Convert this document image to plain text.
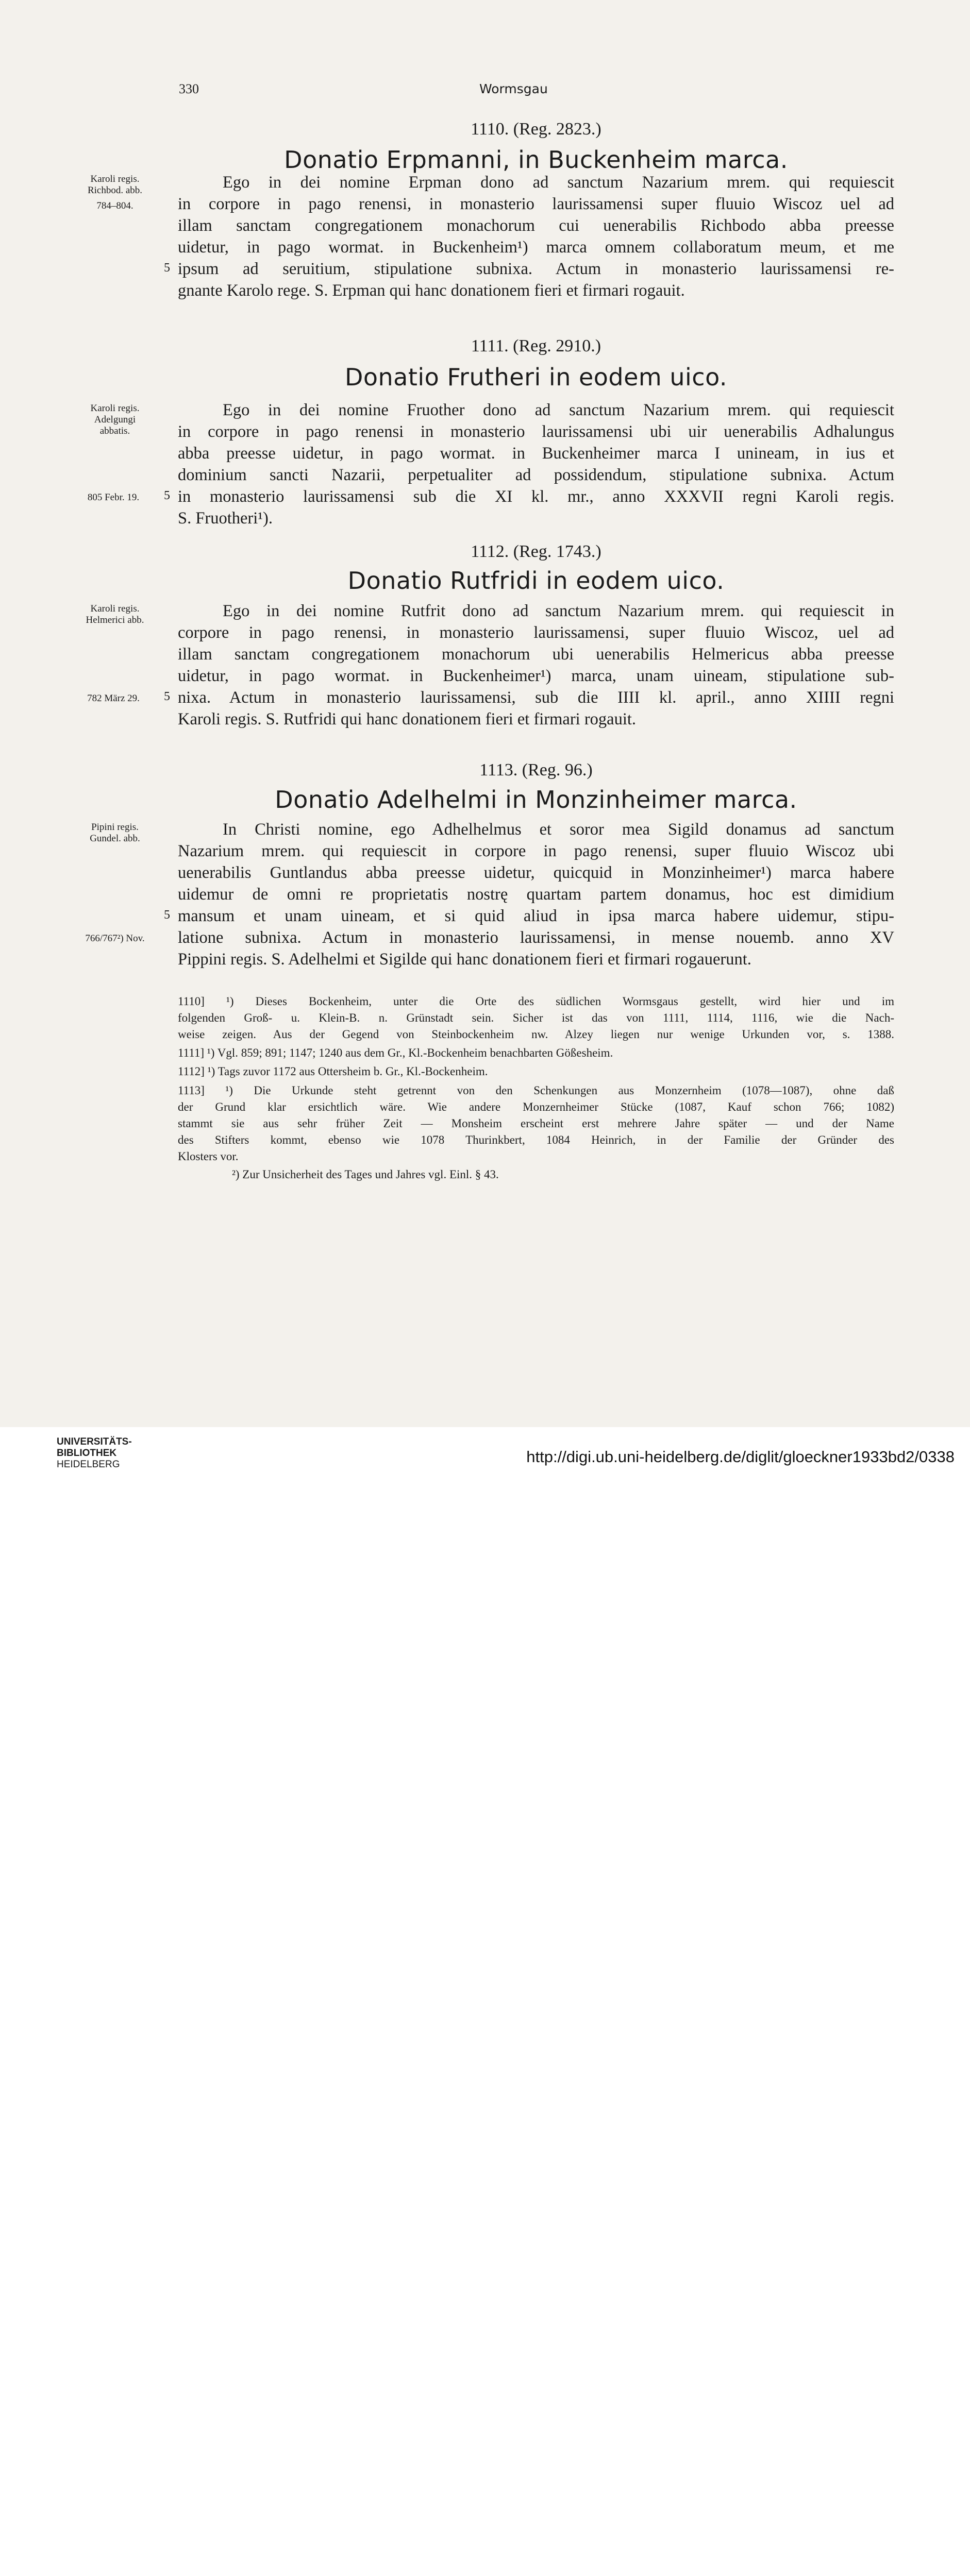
330	Wormsgau
1110. (Reg. 2823.)
Donatio Erpmanni, in Buckenheim marca.
Karoli regis.
Richbod. abb.
784–804.
Ego in dei nomine Erpman dono ad sanctum Nazarium mrem. qui requiescit
in corpore in pago renensi, in monasterio laurissamensi super fluuio Wiscoz uel ad
illam sanctam congregationem monachorum cui uenerabilis Richbodo abba preesse
uidetur, in pago wormat. in Buckenheim¹) marca omnem collaboratum meum, et me
5 ipsum ad seruitium, stipulatione subnixa. Actum in monasterio laurissamensi re-
gnante Karolo rege. S. Erpman qui hanc donationem fieri et firmari rogauit.
1111. (Reg. 2910.)
Donatio Frutheri in eodem uico.
Karoli regis.
Adelgungi
abbatis.
Ego in dei nomine Fruother dono ad sanctum Nazarium mrem. qui requiescit
in corpore in pago renensi in monasterio laurissamensi ubi uir uenerabilis Adhalungus
abba preesse uidetur, in pago wormat. in Buckenheimer marca I unineam, in ius et
dominium sancti Nazarii, perpetualiter ad possidendum, stipulatione subnixa. Actum
805 Febr. 19.	5 in monasterio laurissamensi sub die XI kl. mr., anno XXXVII regni Karoli regis.
S. Fruotheri¹).
1112. (Reg. 1743.)
Donatio Rutfridi in eodem uico.
Karoli regis.
Helmerici abb.	Ego in dei nomine Rutfrit dono ad sanctum Nazarium mrem. qui requiescit in
corpore in pago renensi, in monasterio laurissamensi, super fluuio Wiscoz, uel ad
illam sanctam congregationem monachorum ubi uenerabilis Helmericus abba preesse
uidetur, in pago wormat. in Buckenheimer¹) marca, unam uineam, stipulatione sub-
782 März 29.	5 nixa. Actum in monasterio laurissamensi, sub die IIII kl. april., anno XIIII regni
Karoli regis. S. Rutfridi qui hanc donationem fieri et firmari rogauit.
1113. (Reg. 96.)
Donatio Adelhelmi in Monzinheimer marca.
Pipini regis.
Gundel. abb.	In Christi nomine, ego Adhelhelmus et soror mea Sigild donamus ad sanctum
Nazarium mrem. qui requiescit in corpore in pago renensi, super fluuio Wiscoz ubi
uenerabilis Guntlandus abba preesse uidetur, quicquid in Monzinheimer¹) marca habere
uidemur de omni re proprietatis nostrę quartam partem donamus, hoc est dimidium
5 mansum et unam uineam, et si quid aliud in ipsa marca habere uidemur, stipu-
766/767²) Nov.	latione subnixa. Actum in monasterio laurissamensi, in mense nouemb. anno XV
Pippini regis. S. Adelhelmi et Sigilde qui hanc donationem fieri et firmari rogauerunt.
1110] ¹) Dieses Bockenheim, unter die Orte des südlichen Wormsgaus gestellt, wird hier und im
folgenden Groß- u. Klein-B. n. Grünstadt sein. Sicher ist das von 1111, 1114, 1116, wie die Nach-
weise zeigen. Aus der Gegend von Steinbockenheim nw. Alzey liegen nur wenige Urkunden vor, s. 1388.
1111] ¹) Vgl. 859; 891; 1147; 1240 aus dem Gr., Kl.-Bockenheim benachbarten Gößesheim.
1112] ¹) Tags zuvor 1172 aus Ottersheim b. Gr., Kl.-Bockenheim.
1113] ¹) Die Urkunde steht getrennt von den Schenkungen aus Monzernheim (1078—1087), ohne daß
der Grund klar ersichtlich wäre. Wie andere Monzernheimer Stücke (1087, Kauf schon 766; 1082)
stammt sie aus sehr früher Zeit — Monsheim erscheint erst mehrere Jahre später — und der Name
des Stifters kommt, ebenso wie 1078 Thurinkbert, 1084 Heinrich, in der Familie der Gründer des
Klosters vor.
²) Zur Unsicherheit des Tages und Jahres vgl. Einl. § 43.
UNIVERSITÄTS-
BIBLIOTHEK
HEIDELBERG	http://digi.ub.uni-heidelberg.de/diglit/gloeckner1933bd2/0338
